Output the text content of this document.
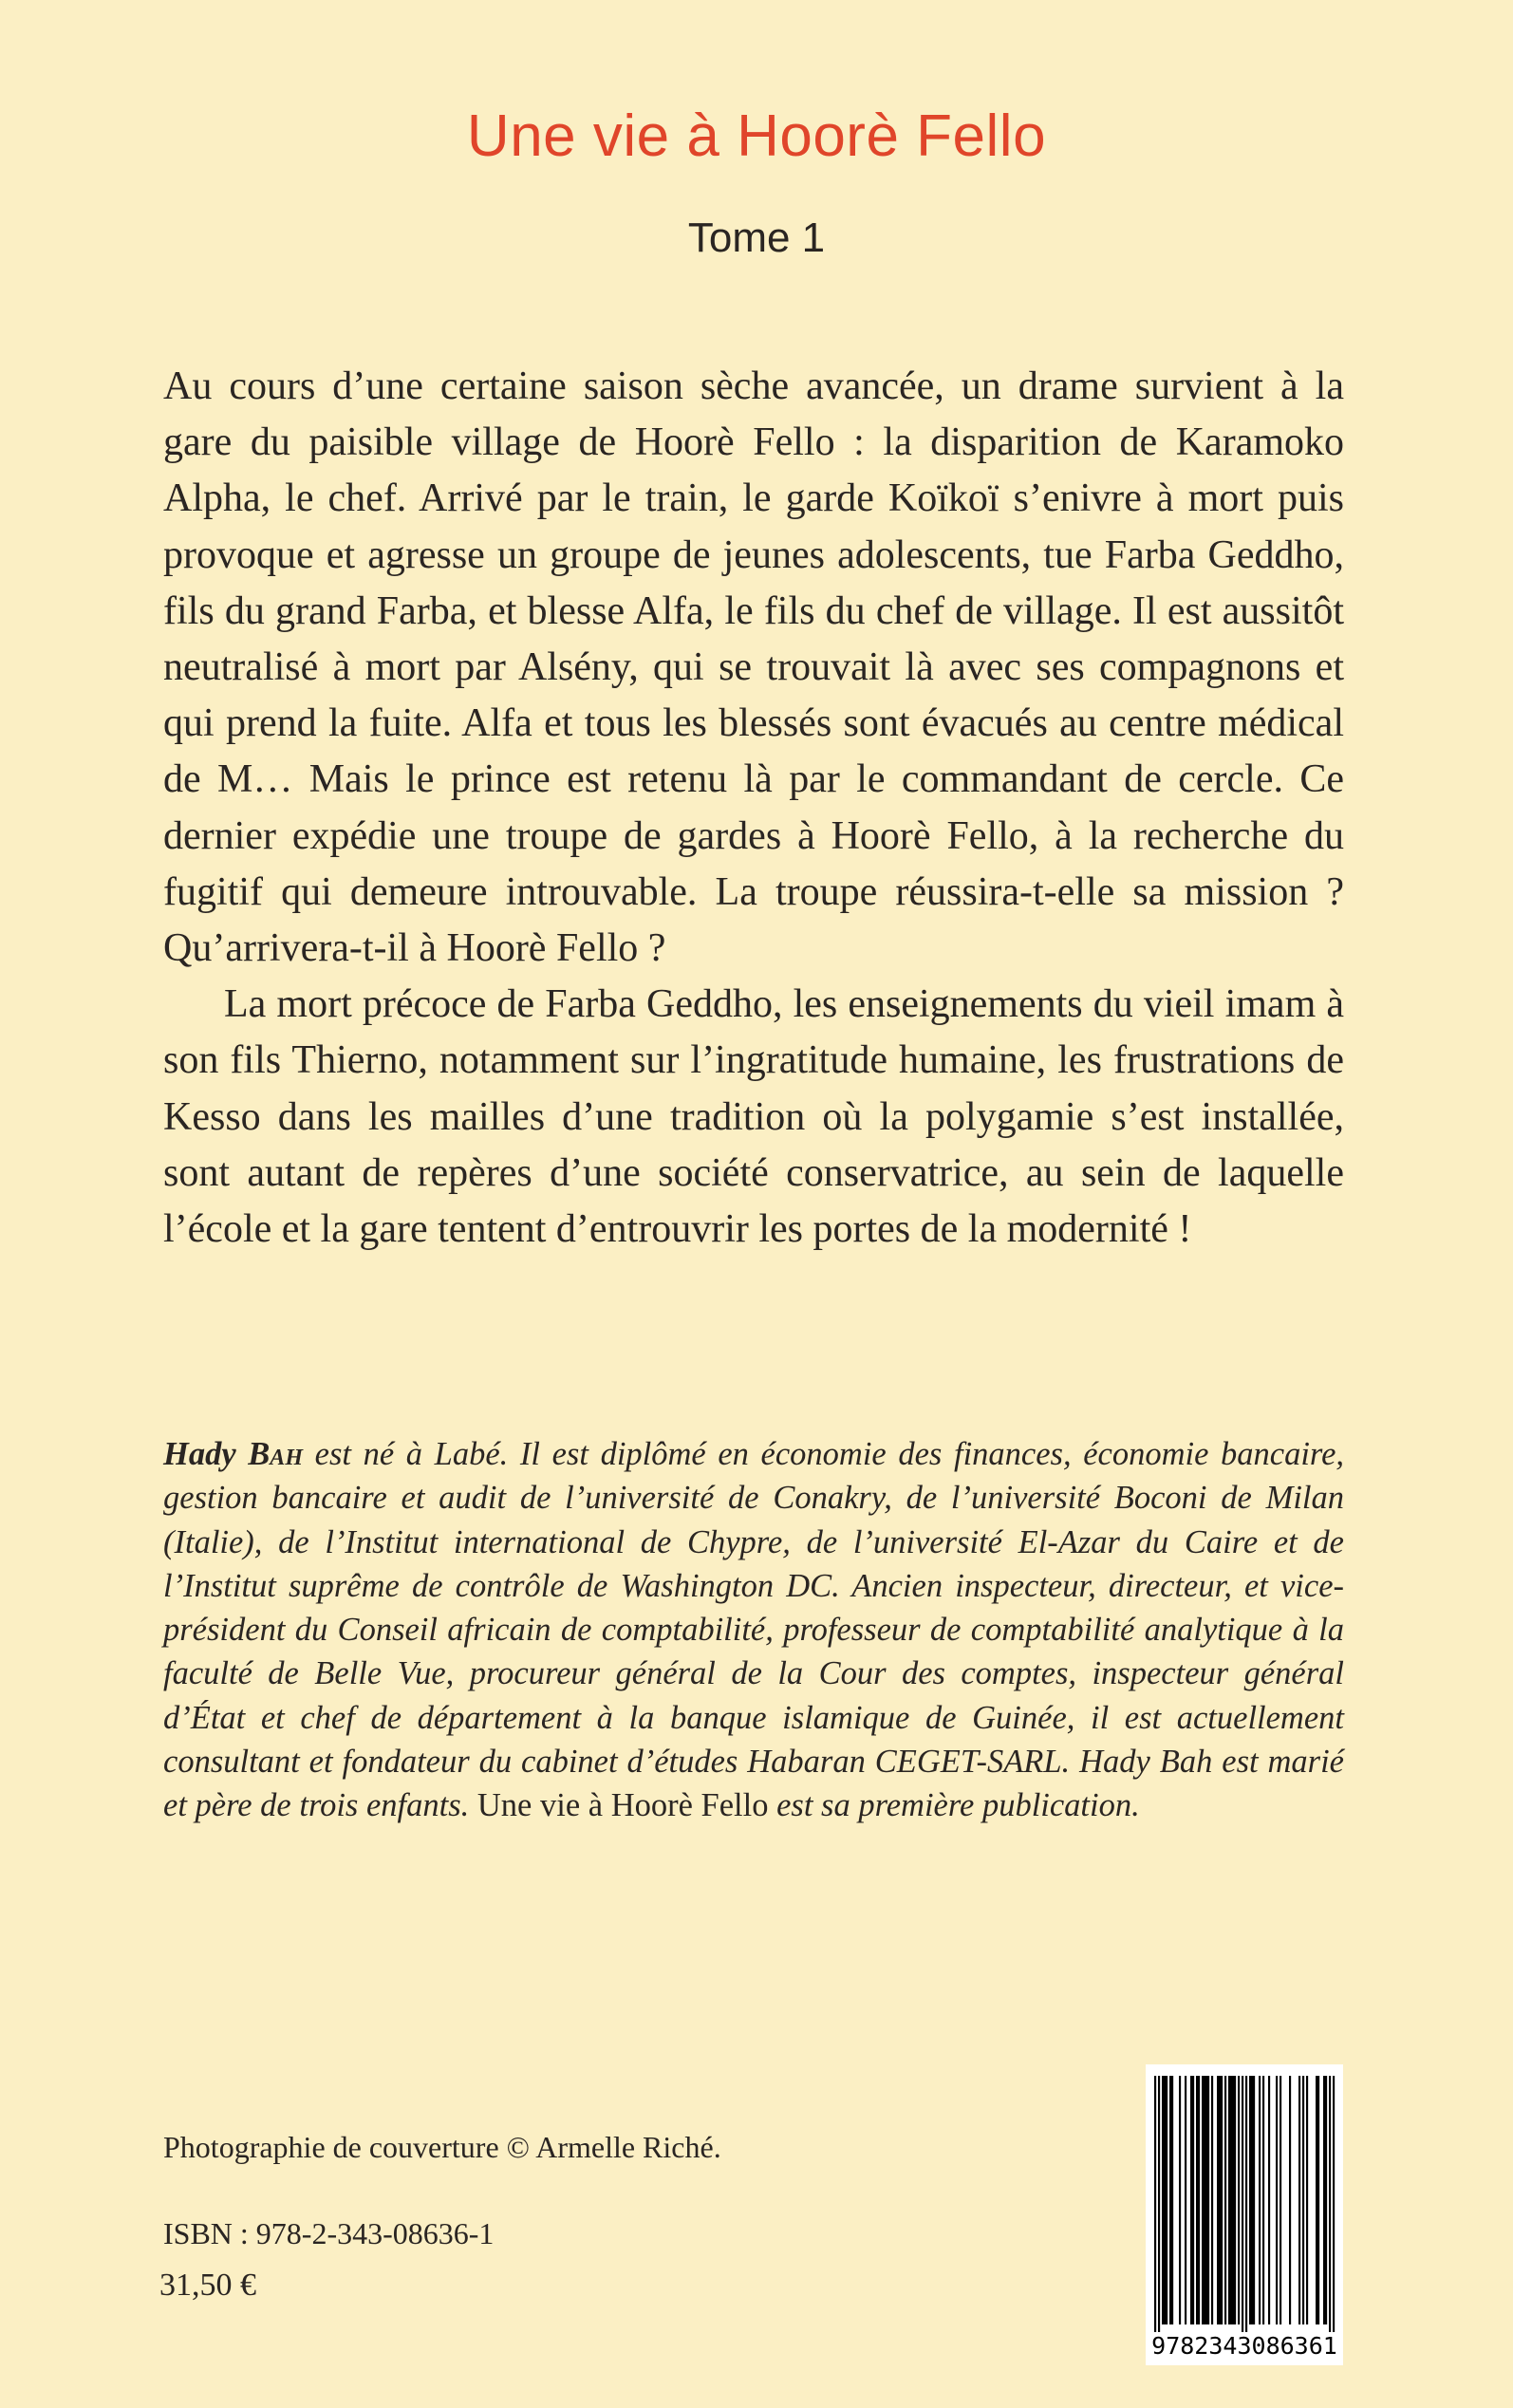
Une vie à Hoorè Fello
Tome 1

Au cours d’une certaine saison sèche avancée, un drame survient à la gare du paisible village de Hoorè Fello : la disparition de Karamoko Alpha, le chef. Arrivé par le train, le garde Koïkoï s’enivre à mort puis provoque et agresse un groupe de jeunes adolescents, tue Farba Geddho, fils du grand Farba, et blesse Alfa, le fils du chef de village. Il est aussitôt neutralisé à mort par Alsény, qui se trouvait là avec ses compagnons et qui prend la fuite. Alfa et tous les blessés sont évacués au centre médical de M… Mais le prince est retenu là par le commandant de cercle. Ce dernier expédie une troupe de gardes à Hoorè Fello, à la recherche du fugitif qui demeure introuvable. La troupe réussira-t-elle sa mission ? Qu’arrivera-t-il à Hoorè Fello ?

La mort précoce de Farba Geddho, les enseignements du vieil imam à son fils Thierno, notamment sur l’ingratitude humaine, les frustrations de Kesso dans les mailles d’une tradition où la polygamie s’est installée, sont autant de repères d’une société conservatrice, au sein de laquelle l’école et la gare tentent d’entrouvrir les portes de la modernité !

Hady Bah est né à Labé. Il est diplômé en économie des finances, économie bancaire, gestion bancaire et audit de l’université de Conakry, de l’université Boconi de Milan (Italie), de l’Institut international de Chypre, de l’université El-Azar du Caire et de l’Institut suprême de contrôle de Washington DC. Ancien inspecteur, directeur, et vice-président du Conseil africain de comptabilité, professeur de comptabilité analytique à la faculté de Belle Vue, procureur général de la Cour des comptes, inspecteur général d’État et chef de département à la banque islamique de Guinée, il est actuellement consultant et fondateur du cabinet d’études Habaran CEGET-SARL. Hady Bah est marié et père de trois enfants. Une vie à Hoorè Fello est sa première publication.

Photographie de couverture © Armelle Riché.

ISBN : 978-2-343-08636-1

31,50 €

9782343086361
